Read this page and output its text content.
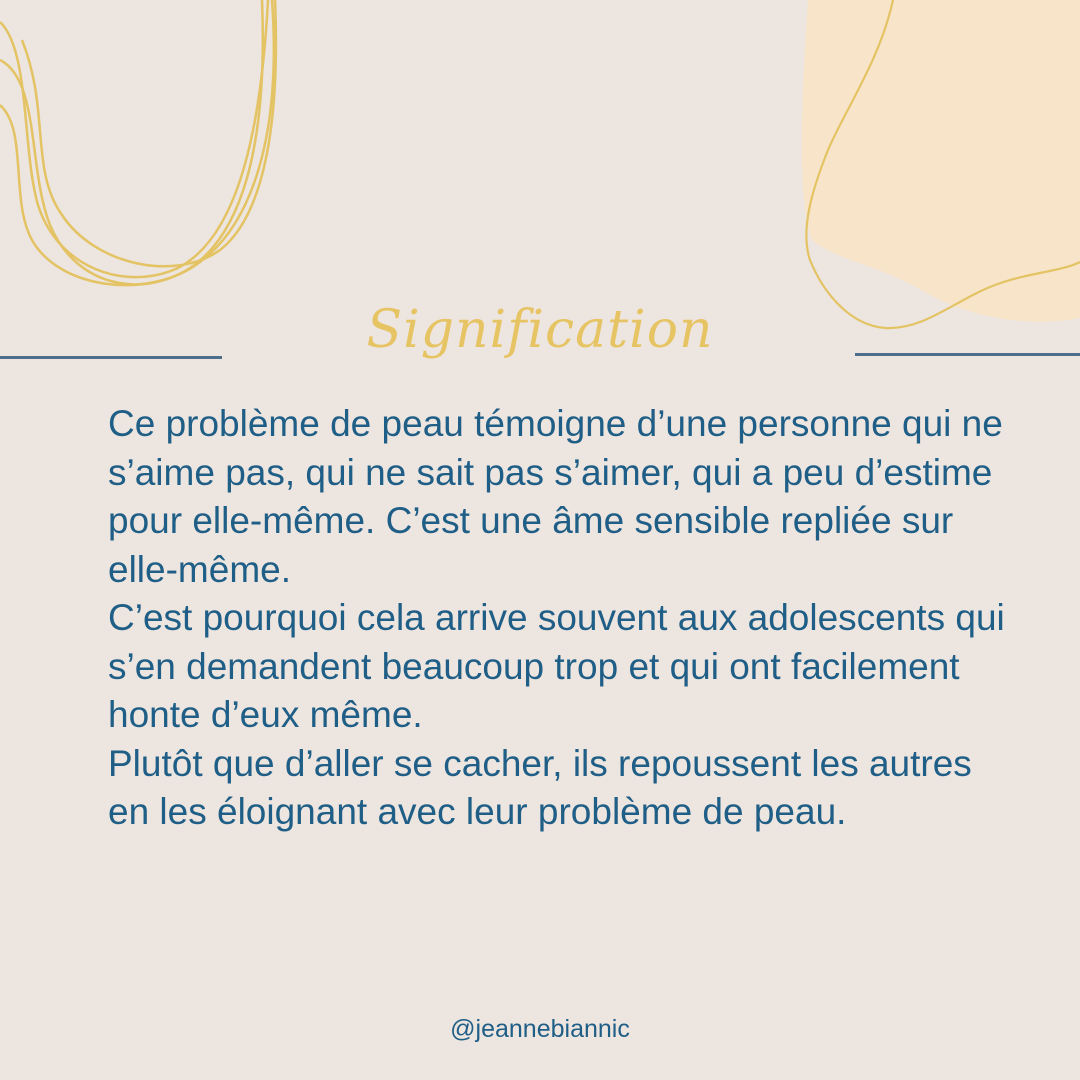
Signification

Ce problème de peau témoigne d’une personne qui ne s’aime pas, qui ne sait pas s’aimer, qui a peu d’estime pour elle-même. C’est une âme sensible repliée sur elle-même.

C’est pourquoi cela arrive souvent aux adolescents qui s’en demandent beaucoup trop et qui ont facilement honte d’eux même.

Plutôt que d’aller se cacher, ils repoussent les autres en les éloignant avec leur problème de peau.

@jeannebiannic
